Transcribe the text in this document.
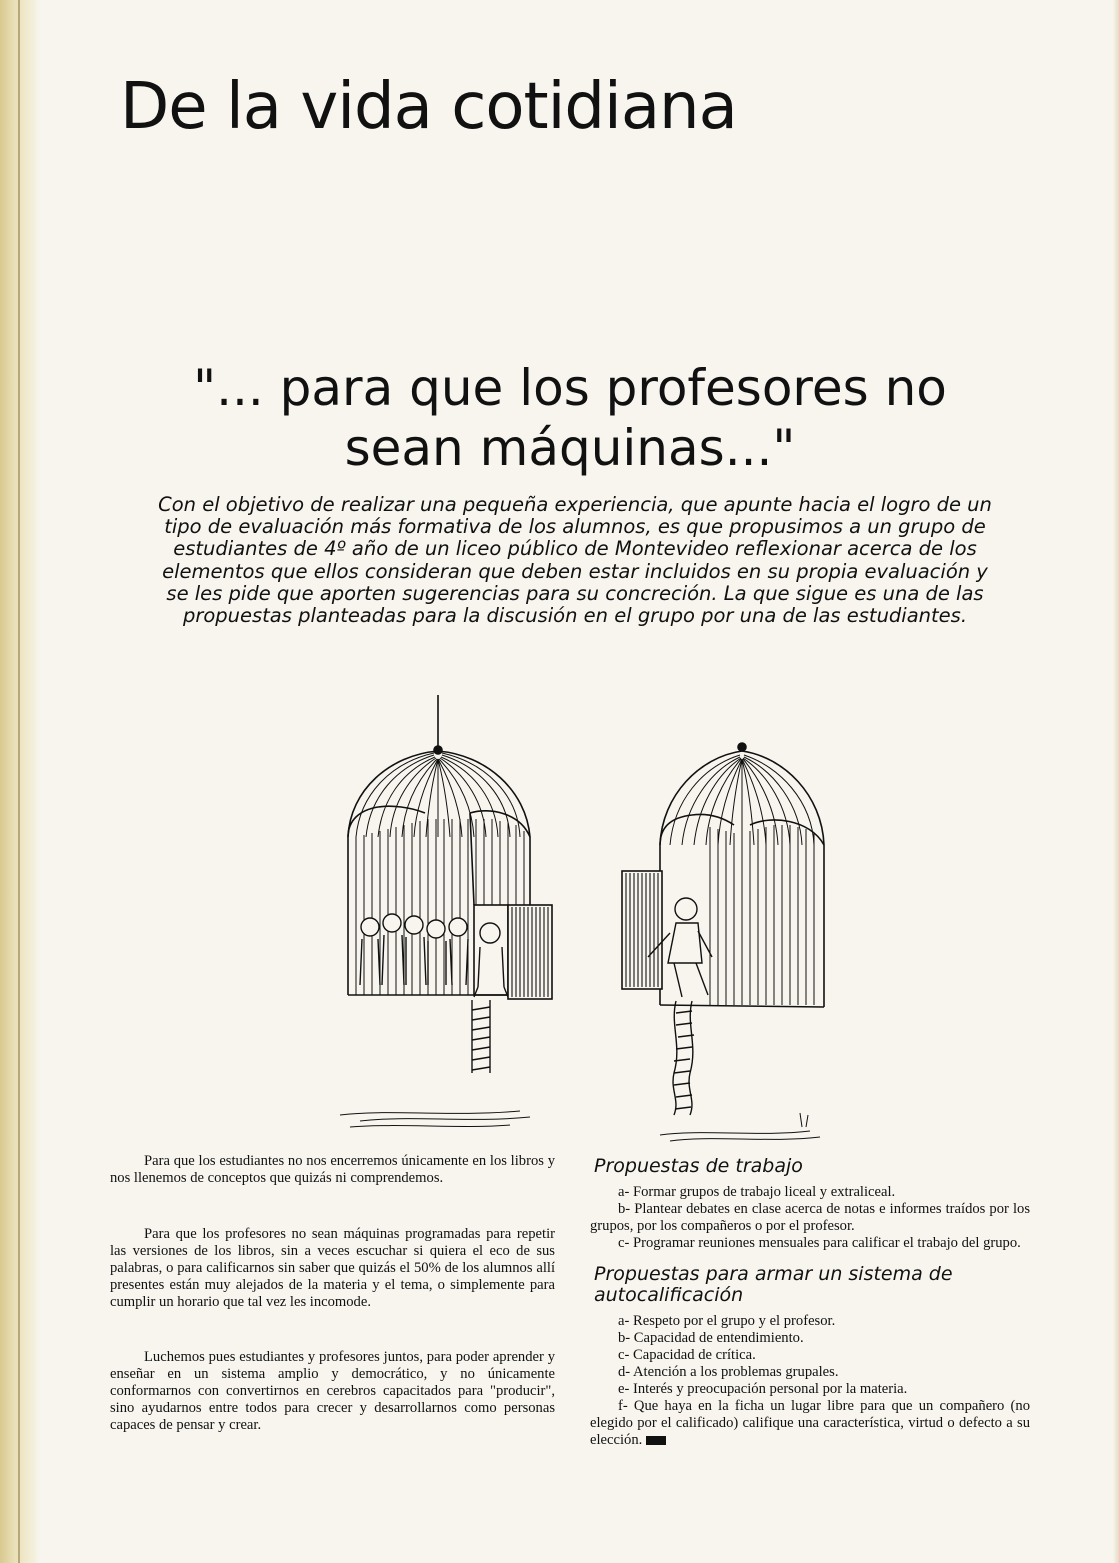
De la vida cotidiana
"... para que los profesores no sean máquinas..."

Con el objetivo de realizar una pequeña experiencia, que apunte hacia el logro de un tipo de evaluación más formativa de los alumnos, es que propusimos a un grupo de estudiantes de 4º año de un liceo público de Montevideo reflexionar acerca de los elementos que ellos consideran que deben estar incluidos en su propia evaluación y se les pide que aporten sugerencias para su concreción. La que sigue es una de las propuestas planteadas para la discusión en el grupo por una de las estudiantes.

Para que los estudiantes no nos encerremos únicamente en los libros y nos llenemos de conceptos que quizás ni comprendemos.

Para que los profesores no sean máquinas programadas para repetir las versiones de los libros, sin a veces escuchar si quiera el eco de sus palabras, o para calificarnos sin saber que quizás el 50% de los alumnos allí presentes están muy alejados de la materia y el tema, o simplemente para cumplir un horario que tal vez les incomode.

Luchemos pues estudiantes y profesores juntos, para poder aprender y enseñar en un sistema amplio y democrático, y no únicamente conformarnos con convertirnos en cerebros capacitados para "producir", sino ayudarnos entre todos para crecer y desarrollarnos como personas capaces de pensar y crear.

Propuestas de trabajo
a- Formar grupos de trabajo liceal y extraliceal.
b- Plantear debates en clase acerca de notas e informes traídos por los grupos, por los compañeros o por el profesor.
c- Programar reuniones mensuales para calificar el trabajo del grupo.
Propuestas para armar un sistema de autocalificación
a- Respeto por el grupo y el profesor.
b- Capacidad de entendimiento.
c- Capacidad de crítica.
d- Atención a los problemas grupales.
e- Interés y preocupación personal por la materia.
f- Que haya en la ficha un lugar libre para que un compañero (no elegido por el calificado) califique una característica, virtud o defecto a su elección.
